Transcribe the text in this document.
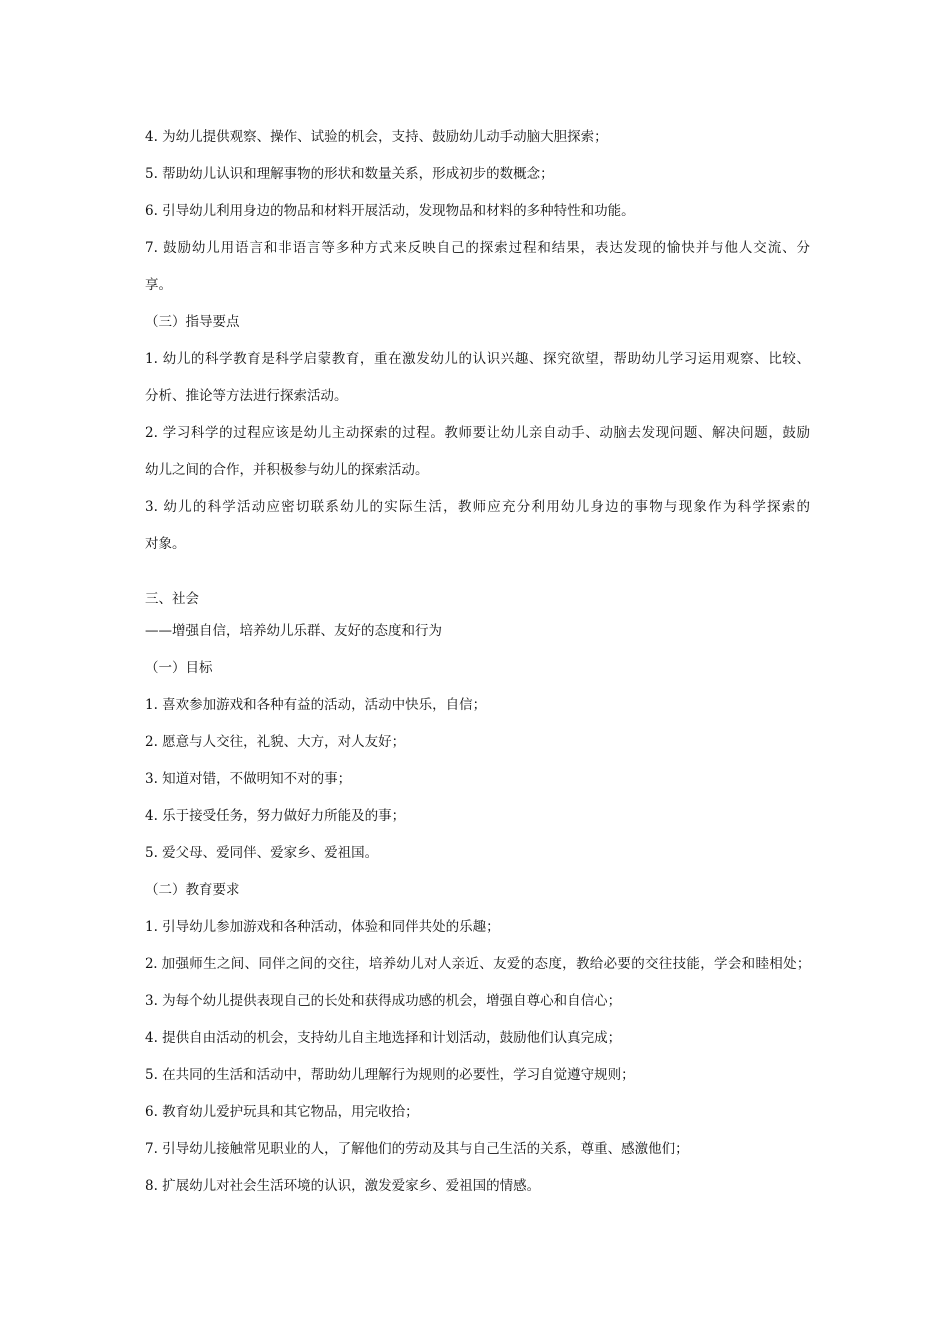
4. 为幼儿提供观察、操作、试验的机会，支持、鼓励幼儿动手动脑大胆探索；
5. 帮助幼儿认识和理解事物的形状和数量关系，形成初步的数概念；
6. 引导幼儿利用身边的物品和材料开展活动，发现物品和材料的多种特性和功能。
7. 鼓励幼儿用语言和非语言等多种方式来反映自己的探索过程和结果，表达发现的愉快并与他人交流、分
享。
（三）指导要点
1. 幼儿的科学教育是科学启蒙教育，重在激发幼儿的认识兴趣、探究欲望，帮助幼儿学习运用观察、比较、
分析、推论等方法进行探索活动。
2. 学习科学的过程应该是幼儿主动探索的过程。教师要让幼儿亲自动手、动脑去发现问题、解决问题，鼓励
幼儿之间的合作，并积极参与幼儿的探索活动。
3. 幼儿的科学活动应密切联系幼儿的实际生活，教师应充分利用幼儿身边的事物与现象作为科学探索的
对象。
三、社会
——增强自信，培养幼儿乐群、友好的态度和行为
（一）目标
1. 喜欢参加游戏和各种有益的活动，活动中快乐，自信；
2. 愿意与人交往，礼貌、大方，对人友好；
3. 知道对错，不做明知不对的事；
4. 乐于接受任务，努力做好力所能及的事；
5. 爱父母、爱同伴、爱家乡、爱祖国。
（二）教育要求
1. 引导幼儿参加游戏和各种活动，体验和同伴共处的乐趣；
2. 加强师生之间、同伴之间的交往，培养幼儿对人亲近、友爱的态度，教给必要的交往技能，学会和睦相处；
3. 为每个幼儿提供表现自己的长处和获得成功感的机会，增强自尊心和自信心；
4. 提供自由活动的机会，支持幼儿自主地选择和计划活动，鼓励他们认真完成；
5. 在共同的生活和活动中，帮助幼儿理解行为规则的必要性，学习自觉遵守规则；
6. 教育幼儿爱护玩具和其它物品，用完收拾；
7. 引导幼儿接触常见职业的人，了解他们的劳动及其与自己生活的关系，尊重、感激他们；
8. 扩展幼儿对社会生活环境的认识，激发爱家乡、爱祖国的情感。
